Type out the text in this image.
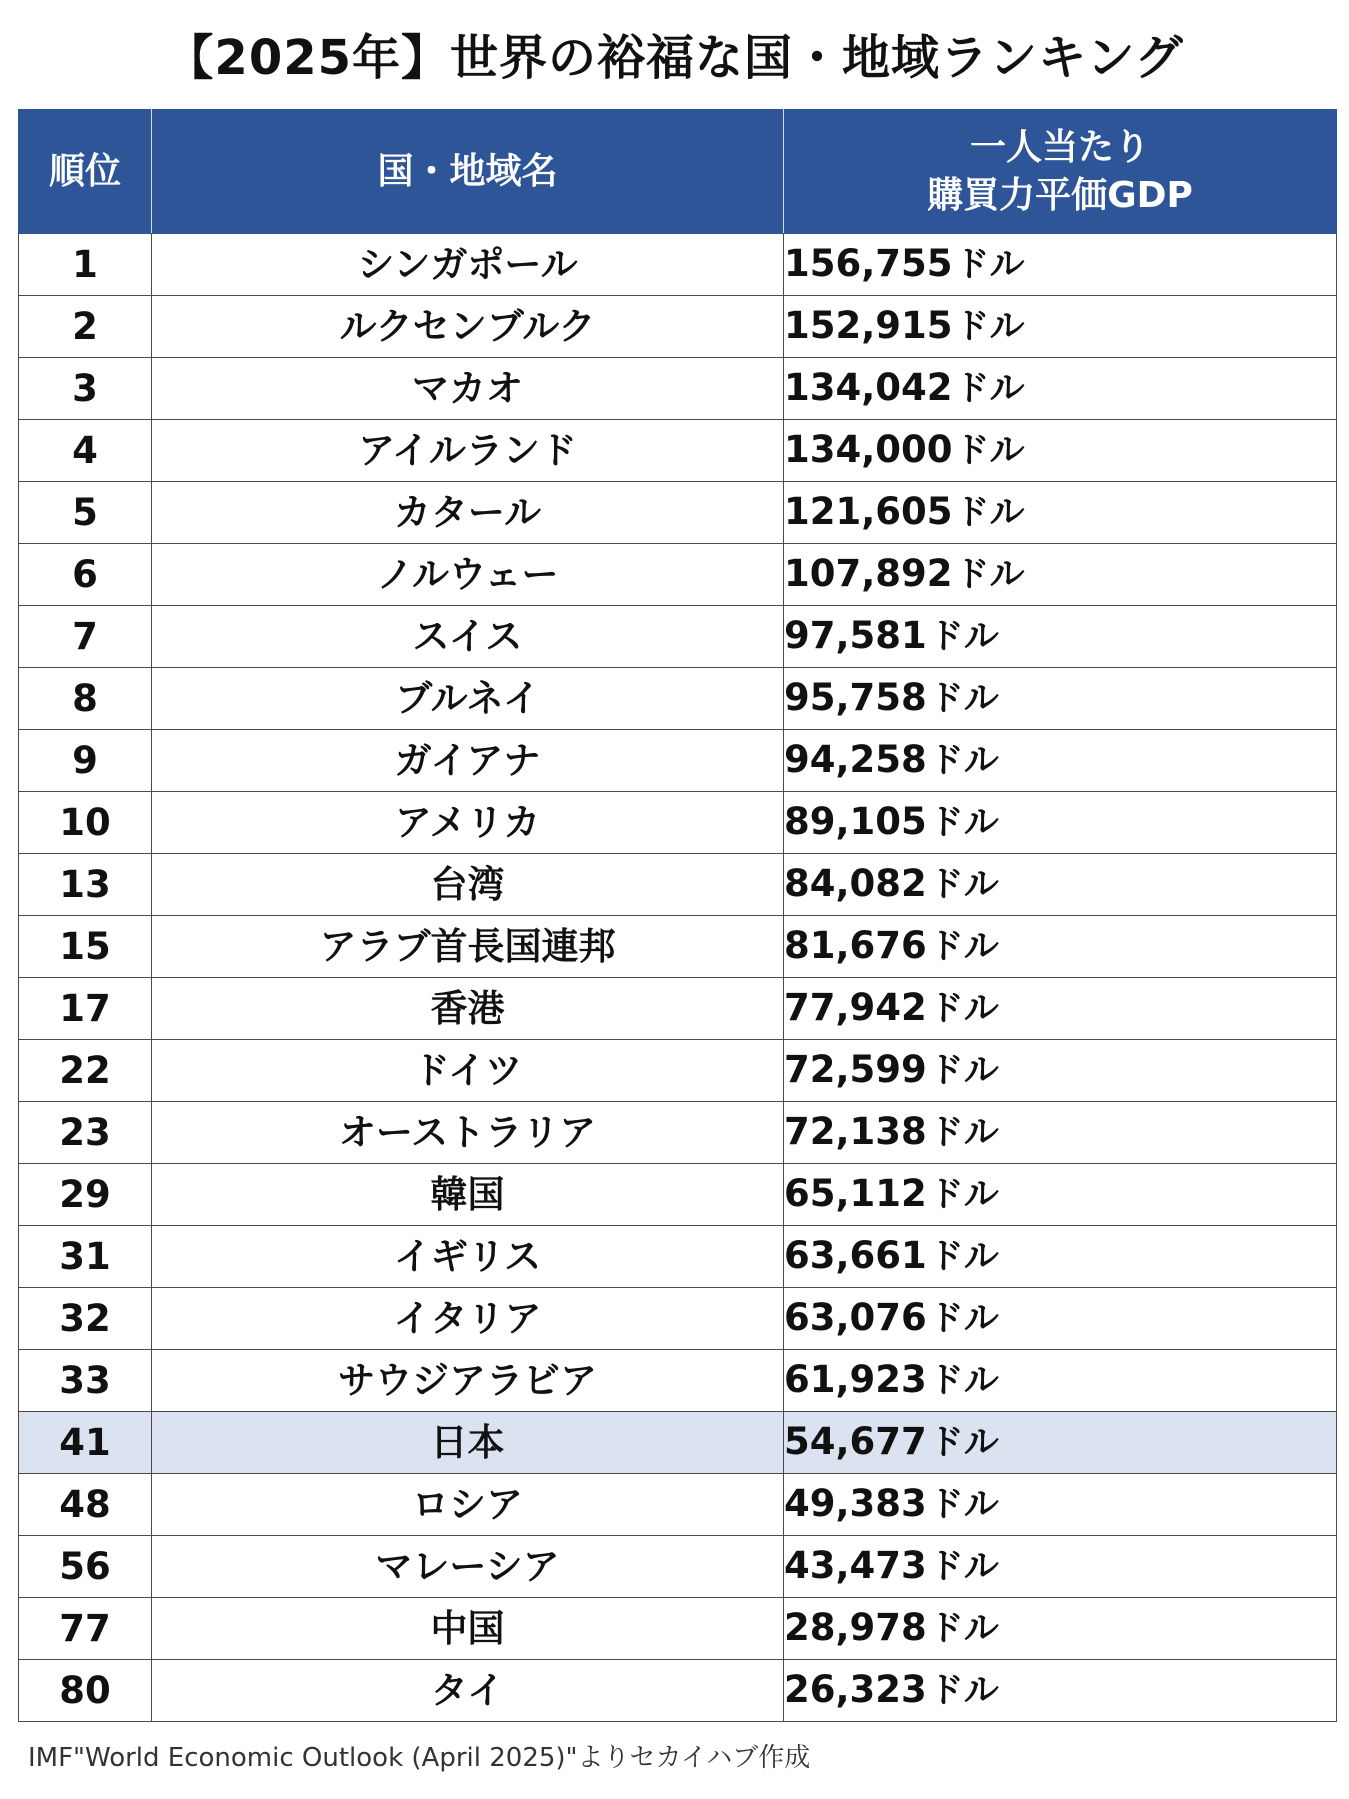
【2025年】世界の裕福な国・地域ランキング
順位	国・地域名	一人当たり
購買力平価GDP

1	シンガポール	156,755ドル
2	ルクセンブルク	152,915ドル
3	マカオ	134,042ドル
4	アイルランド	134,000ドル
5	カタール	121,605ドル
6	ノルウェー	107,892ドル
7	スイス	97,581ドル
8	ブルネイ	95,758ドル
9	ガイアナ	94,258ドル
10	アメリカ	89,105ドル
13	台湾	84,082ドル
15	アラブ首長国連邦	81,676ドル
17	香港	77,942ドル
22	ドイツ	72,599ドル
23	オーストラリア	72,138ドル
29	韓国	65,112ドル
31	イギリス	63,661ドル
32	イタリア	63,076ドル
33	サウジアラビア	61,923ドル
41	日本	54,677ドル
48	ロシア	49,383ドル
56	マレーシア	43,473ドル
77	中国	28,978ドル
80	タイ	26,323ドル
IMF"World Economic Outlook (April 2025)"よりセカイハブ作成
